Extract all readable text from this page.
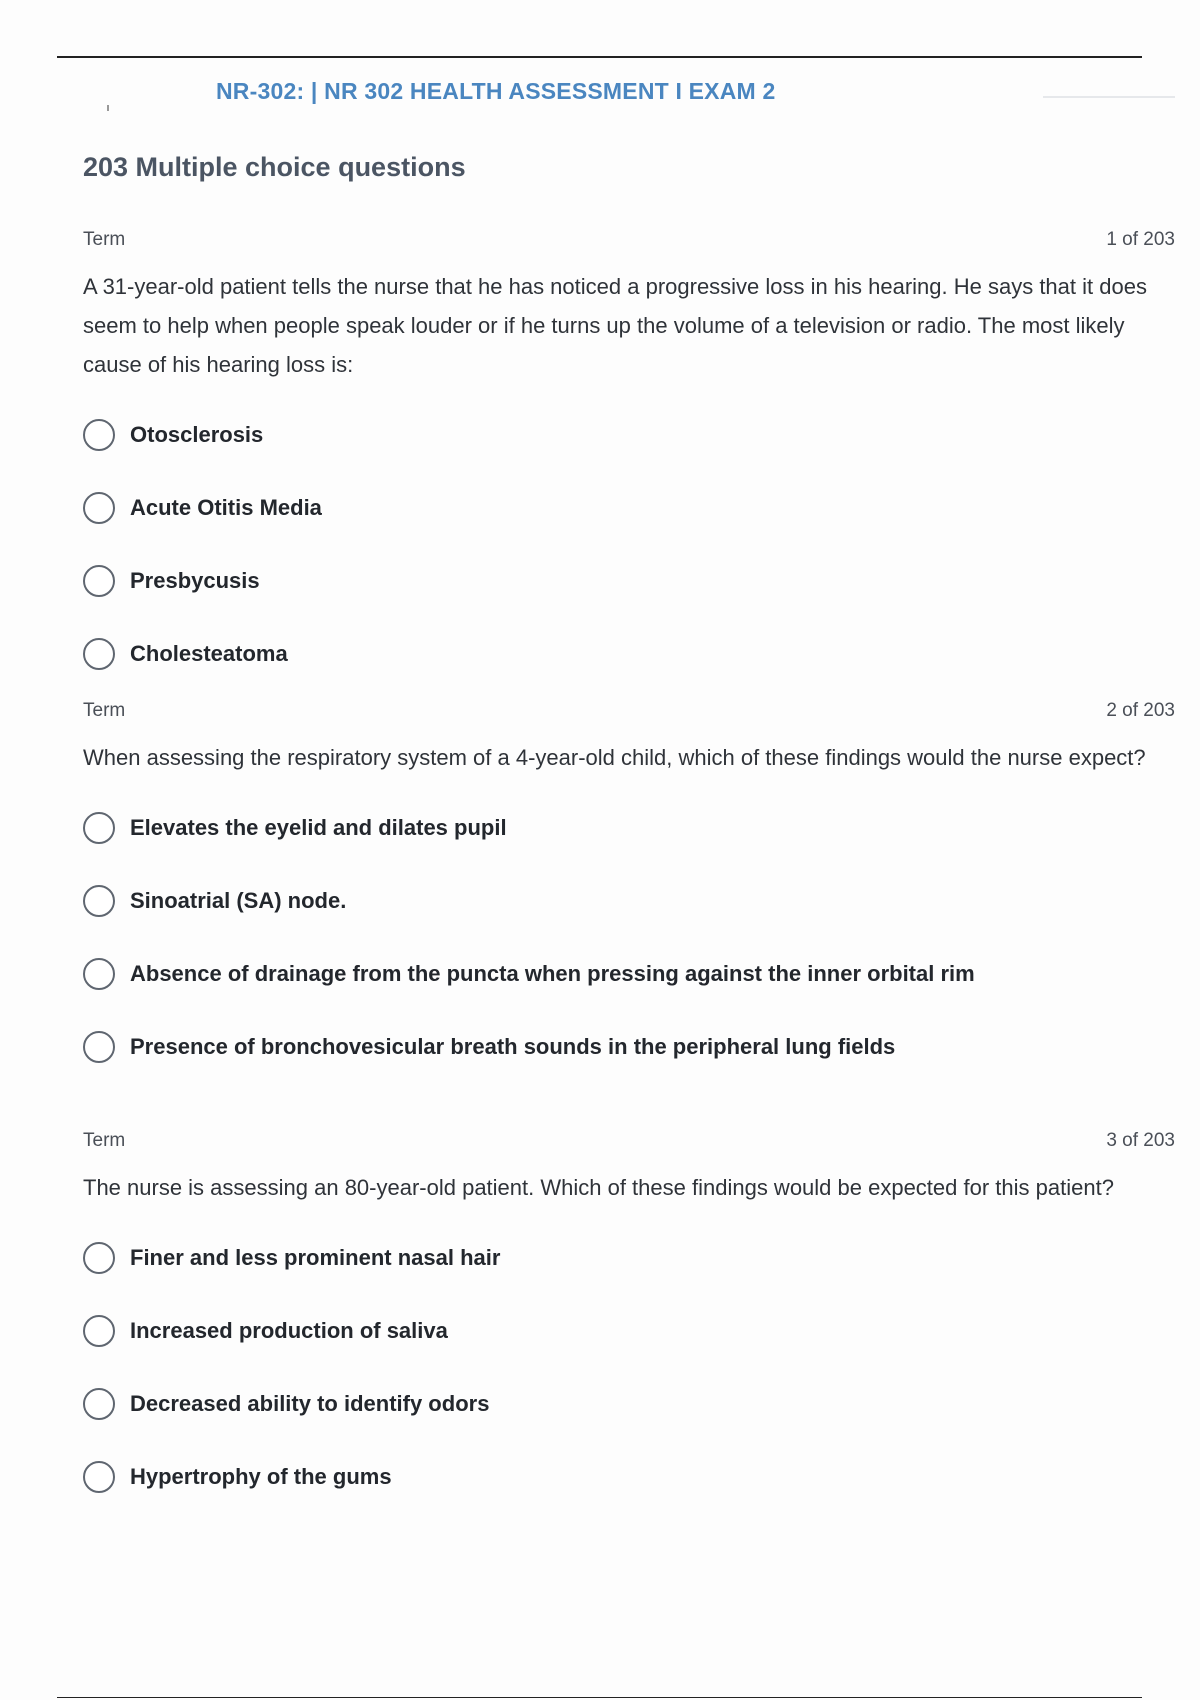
NR-302: | NR 302 HEALTH ASSESSMENT I EXAM 2
203 Multiple choice questions
Term	1 of 203
A 31-year-old patient tells the nurse that he has noticed a progressive loss in his hearing. He says that it does seem to help when people speak louder or if he turns up the volume of a television or radio. The most likely cause of his hearing loss is:
Otosclerosis
Acute Otitis Media
Presbycusis
Cholesteatoma
Term	2 of 203
When assessing the respiratory system of a 4-year-old child, which of these findings would the nurse expect?
Elevates the eyelid and dilates pupil
Sinoatrial (SA) node.
Absence of drainage from the puncta when pressing against the inner orbital rim
Presence of bronchovesicular breath sounds in the peripheral lung fields
Term	3 of 203
The nurse is assessing an 80-year-old patient. Which of these findings would be expected for this patient?
Finer and less prominent nasal hair
Increased production of saliva
Decreased ability to identify odors
Hypertrophy of the gums
